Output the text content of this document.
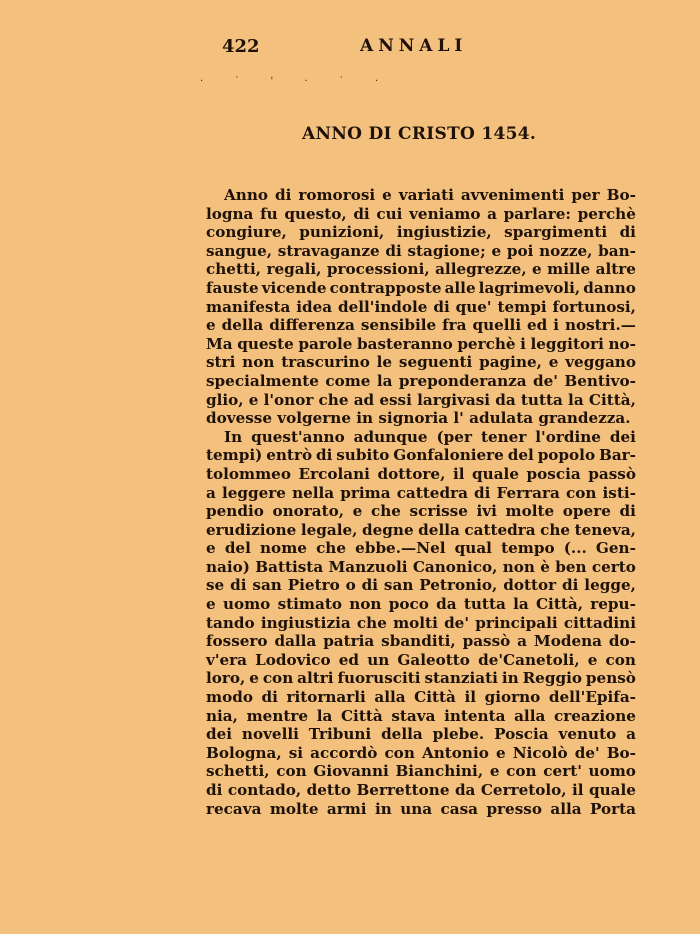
422	ANNALI
· ˙ ' · ˙ ·
ANNO DI CRISTO 1454.
Anno di romorosi e variati avvenimenti per Bo-
logna fu questo, di cui veniamo a parlare: perchè
congiure, punizioni, ingiustizie, spargimenti di
sangue, stravaganze di stagione; e poi nozze, ban-
chetti, regali, processioni, allegrezze, e mille altre
fauste vicende contrapposte alle lagrimevoli, danno
manifesta idea dell'indole di que' tempi fortunosi,
e della differenza sensibile fra quelli ed i nostri.—
Ma queste parole basteranno perchè i leggitori no-
stri non trascurino le seguenti pagine, e veggano
specialmente come la preponderanza de' Bentivo-
glio, e l'onor che ad essi largivasi da tutta la Città,
dovesse volgerne in signoria l' adulata grandezza.
In quest'anno adunque (per tener l'ordine dei
tempi) entrò di subito Gonfaloniere del popolo Bar-
tolommeo Ercolani dottore, il quale poscia passò
a leggere nella prima cattedra di Ferrara con isti-
pendio onorato, e che scrisse ivi molte opere di
erudizione legale, degne della cattedra che teneva,
e del nome che ebbe.—Nel qual tempo (... Gen-
naio) Battista Manzuoli Canonico, non è ben certo
se di san Pietro o di san Petronio, dottor di legge,
e uomo stimato non poco da tutta la Città, repu-
tando ingiustizia che molti de' principali cittadini
fossero dalla patria sbanditi, passò a Modena do-
v'era Lodovico ed un Galeotto de'Canetoli, e con
loro, e con altri fuorusciti stanziati in Reggio pensò
modo di ritornarli alla Città il giorno dell'Epifa-
nia, mentre la Città stava intenta alla creazione
dei novelli Tribuni della plebe. Poscia venuto a
Bologna, si accordò con Antonio e Nicolò de' Bo-
schetti, con Giovanni Bianchini, e con cert' uomo
di contado, detto Berrettone da Cerretolo, il quale
recava molte armi in una casa presso alla Porta
